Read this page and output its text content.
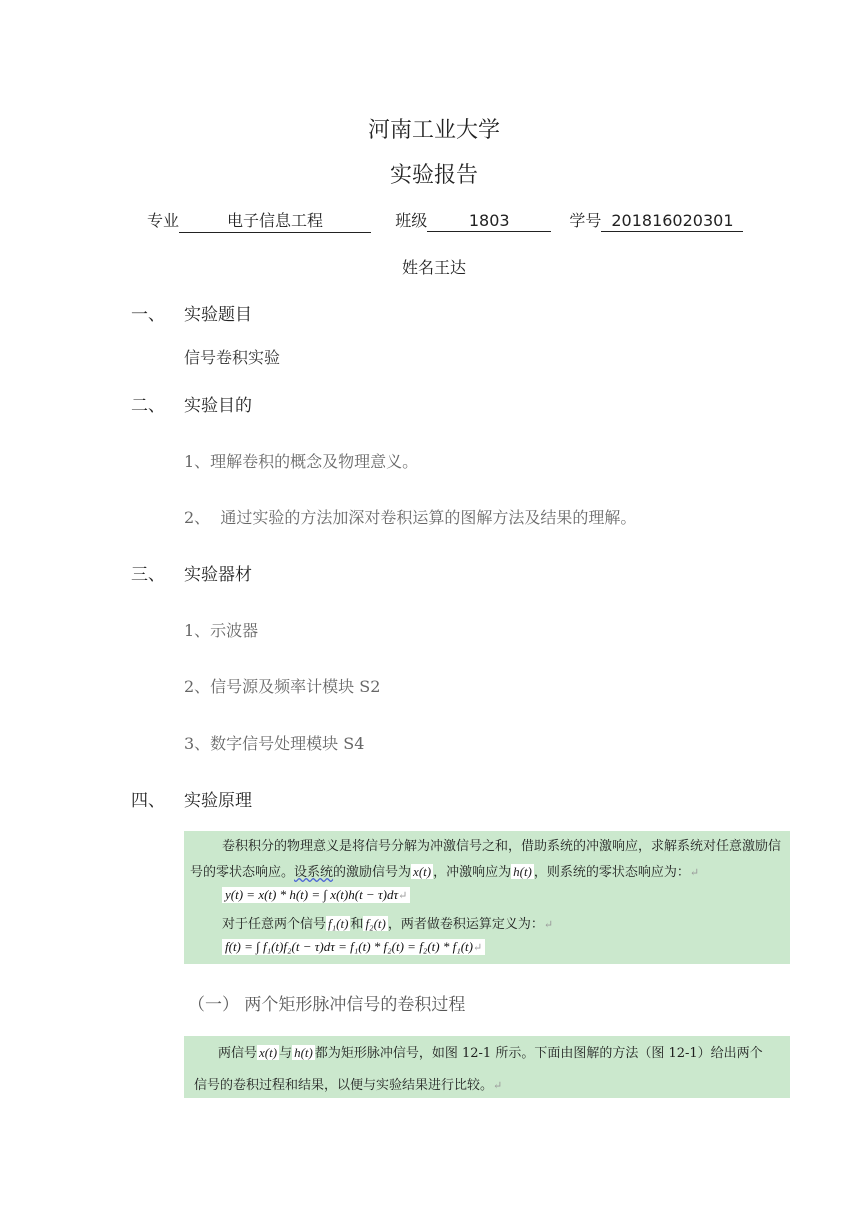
河南工业大学
实验报告
专业	电子信息工程	班级	1803	学号 201816020301
姓名王达
一、 实验题目
信号卷积实验
二、 实验目的
1、理解卷积的概念及物理意义。
2、  通过实验的方法加深对卷积运算的图解方法及结果的理解。
三、 实验器材
1、示波器
2、信号源及频率计模块 S2
3、数字信号处理模块 S4
四、 实验原理
卷积积分的物理意义是将信号分解为冲激信号之和，借助系统的冲激响应，求解系统对任意激励信
号的零状态响应。设系统的激励信号为 x(t) ，冲激响应为 h(t) ，则系统的零状态响应为：↵
y(t) = x(t) * h(t) = ∫ x(t)h(t − τ)dτ↵
对于任意两个信号 f₁(t) 和 f₂(t) ，两者做卷积运算定义为：↵
f(t) = ∫ f₁(t)f₂(t − τ)dτ = f₁(t) * f₂(t) = f₂(t) * f₁(t)↵
（一） 两个矩形脉冲信号的卷积过程
两信号 x(t) 与 h(t) 都为矩形脉冲信号，如图 12-1 所示。下面由图解的方法（图 12-1）给出两个
信号的卷积过程和结果，以便与实验结果进行比较。↵
